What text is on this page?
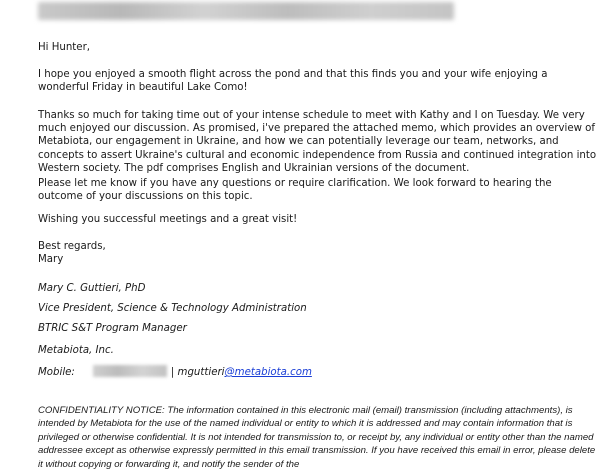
Hi Hunter,
I hope you enjoyed a smooth flight across the pond and that this finds you and your wife enjoying a wonderful Friday in beautiful Lake Como!
Thanks so much for taking time out of your intense schedule to meet with Kathy and I on Tuesday. We very much enjoyed our discussion. As promised, i've prepared the attached memo, which provides an overview of Metabiota, our engagement in Ukraine, and how we can potentially leverage our team, networks, and concepts to assert Ukraine's cultural and economic independence from Russia and continued integration into Western society. The pdf comprises English and Ukrainian versions of the document.
Please let me know if you have any questions or require clarification. We look forward to hearing the outcome of your discussions on this topic.
Wishing you successful meetings and a great visit!
Best regards,
Mary
Mary C. Guttieri, PhD
Vice President, Science & Technology Administration
BTRIC S&T Program Manager
Metabiota, Inc.
Mobile:	| mguttieri@metabiota.com
CONFIDENTIALITY NOTICE: The information contained in this electronic mail (email) transmission (including attachments), is intended by Metabiota for the use of the named individual or entity to which it is addressed and may contain information that is privileged or otherwise confidential. It is not intended for transmission to, or receipt by, any individual or entity other than the named addressee except as otherwise expressly permitted in this email transmission. If you have received this email in error, please delete it without copying or forwarding it, and notify the sender of the
